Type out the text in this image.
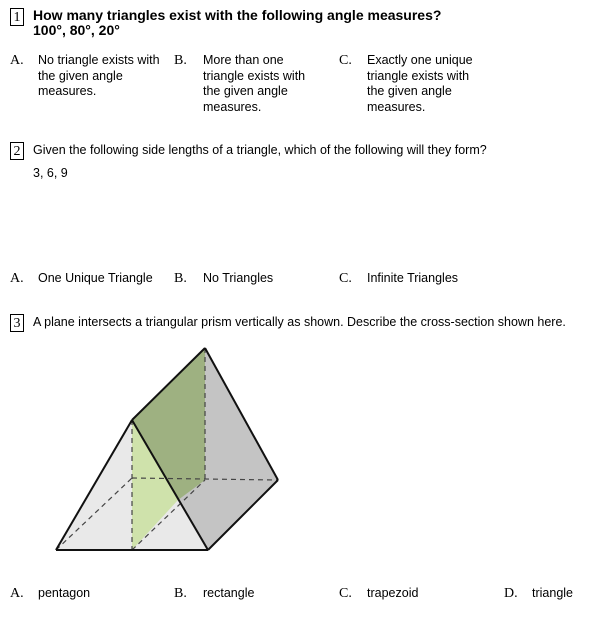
1 How many triangles exist with the following angle measures?
100°, 80°, 20°
A. No triangle exists with
the given angle
measures.
B. More than one
triangle exists with
the given angle
measures.
C. Exactly one unique
triangle exists with
the given angle
measures.
2 Given the following side lengths of a triangle, which of the following will they form?
3, 6, 9
A. One Unique Triangle B. No Triangles	C. Infinite Triangles
3 A plane intersects a triangular prism vertically as shown. Describe the cross-section shown here.
A. pentagon	B. rectangle	C. trapezoid	D. triangle
